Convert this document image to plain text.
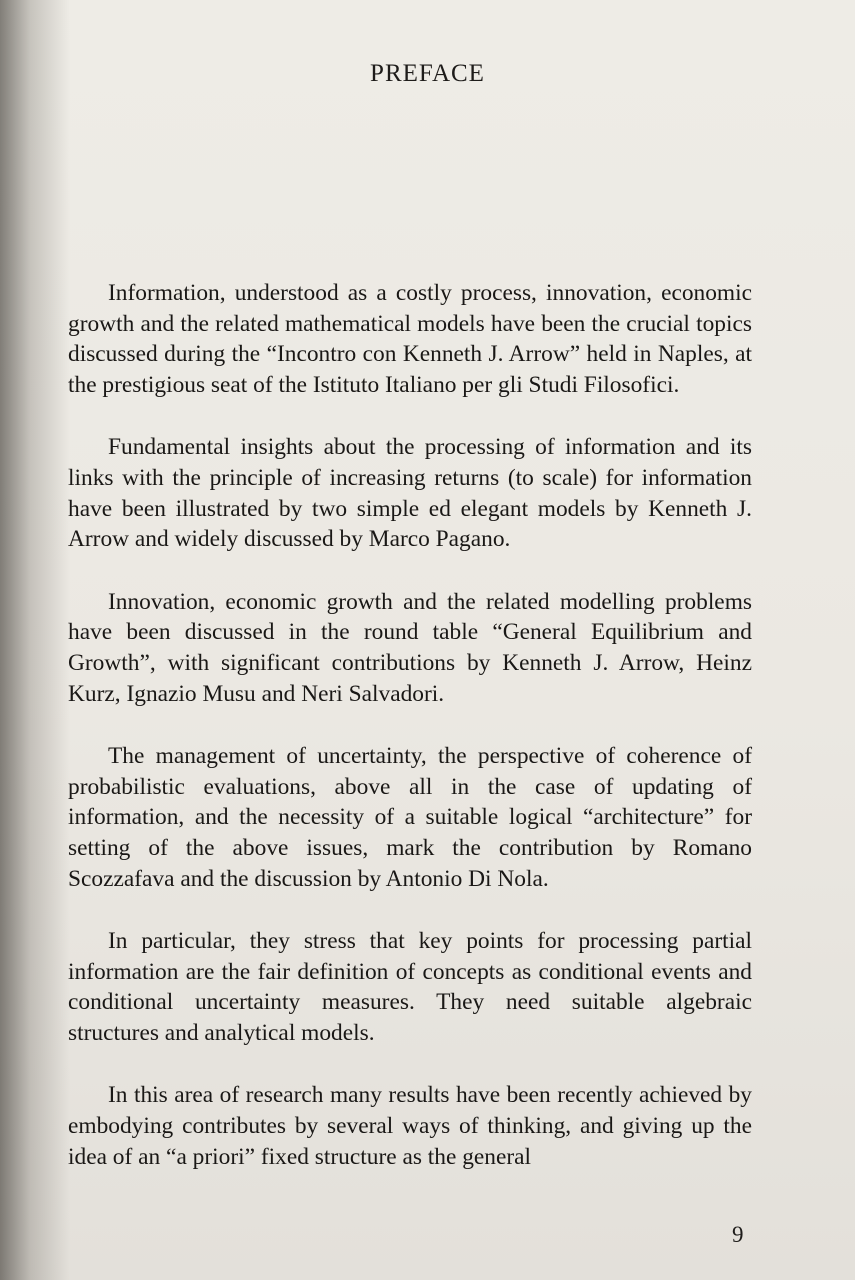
PREFACE

Information, understood as a costly process, innovation, economic growth and the related mathematical models have been the crucial topics discussed during the “Incontro con Kenneth J. Arrow” held in Naples, at the prestigious seat of the Istituto Italiano per gli Studi Filosofici.

Fundamental insights about the processing of information and its links with the principle of increasing returns (to scale) for information have been illustrated by two simple ed elegant models by Kenneth J. Arrow and widely discussed by Marco Pagano.

Innovation, economic growth and the related modelling problems have been discussed in the round table “General Equilibrium and Growth”, with significant contributions by Kenneth J. Arrow, Heinz Kurz, Ignazio Musu and Neri Salvadori.

The management of uncertainty, the perspective of coherence of probabilistic evaluations, above all in the case of updating of information, and the necessity of a suitable logical “architecture” for setting of the above issues, mark the contribution by Romano Scozzafava and the discussion by Antonio Di Nola.

In particular, they stress that key points for processing partial information are the fair definition of concepts as conditional events and conditional uncertainty measures. They need suitable algebraic structures and analytical models.

In this area of research many results have been recently achieved by embodying contributes by several ways of thinking, and giving up the idea of an “a priori” fixed structure as the general

9
